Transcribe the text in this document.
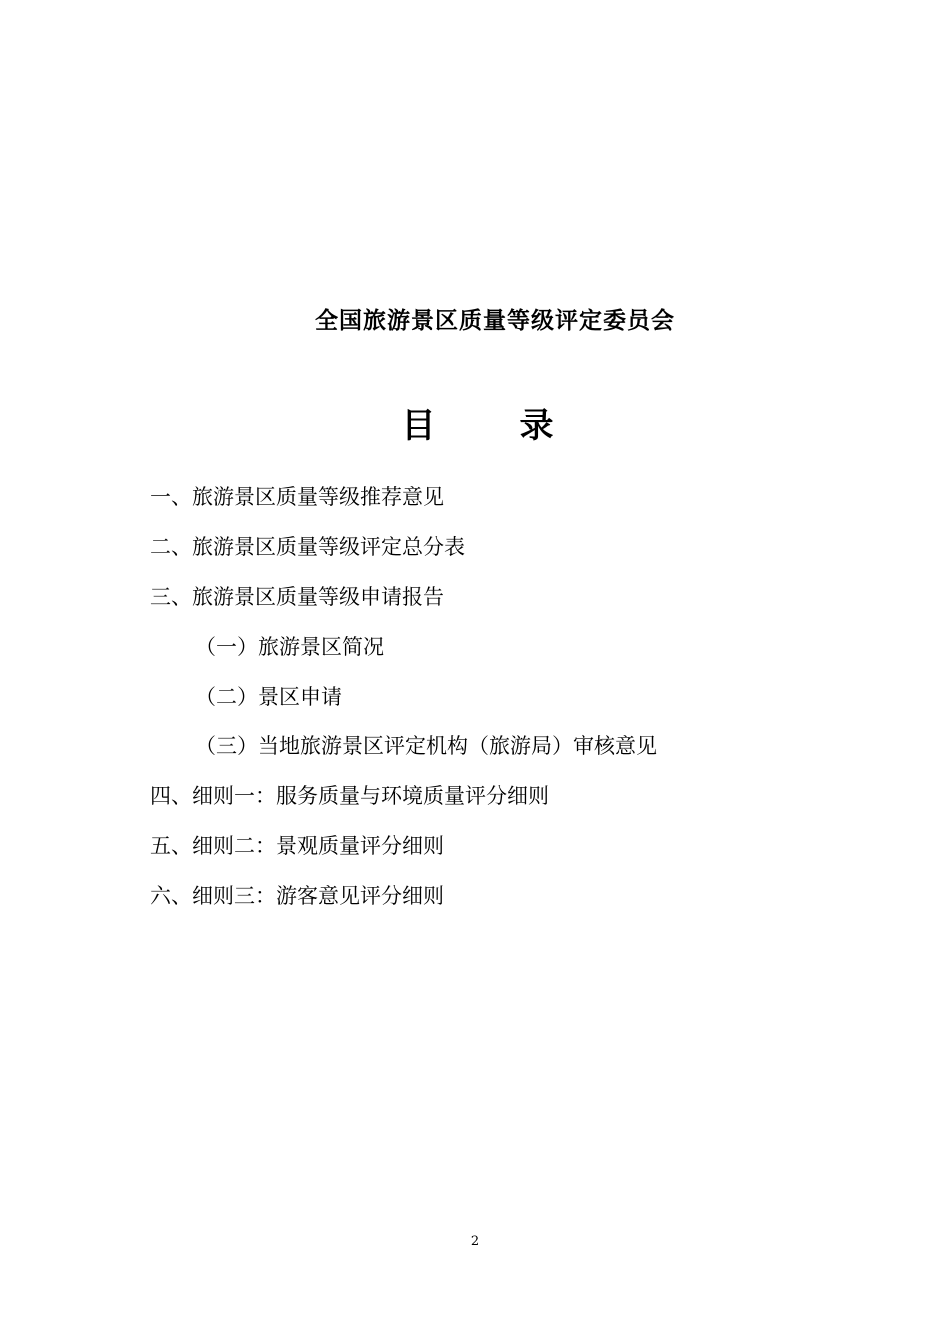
全国旅游景区质量等级评定委员会
目 录
一、旅游景区质量等级推荐意见
二、旅游景区质量等级评定总分表
三、旅游景区质量等级申请报告
（一）旅游景区简况
（二）景区申请
（三）当地旅游景区评定机构（旅游局）审核意见
四、细则一：服务质量与环境质量评分细则
五、细则二：景观质量评分细则
六、细则三：游客意见评分细则
2
